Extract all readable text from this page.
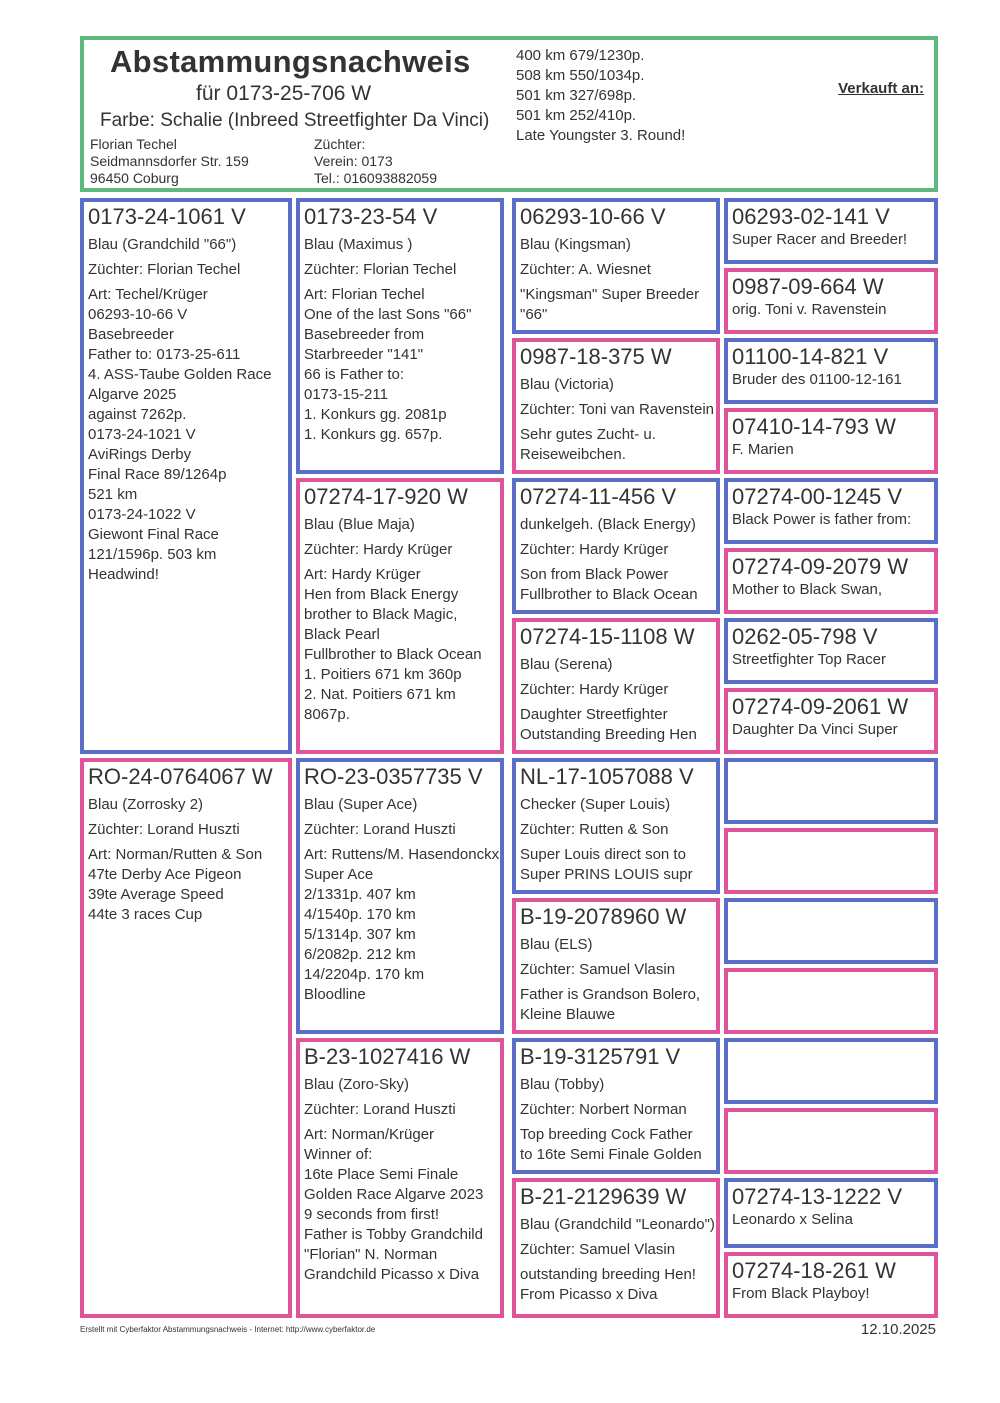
Abstammungsnachweis
für 0173-25-706 W
Farbe: Schalie (Inbreed Streetfighter Da Vinci)
Florian Techel
Seidmannsdorfer Str. 159
96450 Coburg
Züchter:
Verein: 0173
Tel.: 016093882059
400 km 679/1230p.
508 km 550/1034p.
501 km 327/698p.
501 km 252/410p.
Late Youngster 3. Round!
Verkauft an:
0173-24-1061 V
Blau (Grandchild "66")
Züchter: Florian Techel
Art: Techel/Krüger
06293-10-66 V
Basebreeder
Father to: 0173-25-611
4. ASS-Taube Golden Race
Algarve 2025
against 7262p.
0173-24-1021 V
AviRings Derby
Final Race 89/1264p
521 km
0173-24-1022 V
Giewont Final Race
121/1596p. 503 km
Headwind!
0173-23-54 V
Blau (Maximus )
Züchter: Florian Techel
Art: Florian Techel
One of the last Sons "66"
Basebreeder from
Starbreeder "141"
66 is Father to:
0173-15-211
1. Konkurs gg. 2081p
1. Konkurs gg. 657p.
06293-10-66 V
Blau (Kingsman)
Züchter: A. Wiesnet
"Kingsman" Super Breeder
"66"
06293-02-141 V
Super Racer and Breeder!
0987-09-664 W
orig. Toni v. Ravenstein
0987-18-375 W
Blau (Victoria)
Züchter: Toni van Ravenstein
Sehr gutes Zucht- u.
Reiseweibchen.
01100-14-821 V
Bruder des 01100-12-161
07410-14-793 W
F. Marien
07274-17-920 W
Blau (Blue Maja)
Züchter: Hardy Krüger
Art: Hardy Krüger
Hen from Black Energy
brother to Black Magic,
Black Pearl
Fullbrother to Black Ocean
1. Poitiers 671 km 360p
2. Nat. Poitiers 671 km
8067p.
07274-11-456 V
dunkelgeh. (Black Energy)
Züchter: Hardy Krüger
Son from Black Power
Fullbrother to Black Ocean
07274-00-1245 V
Black Power is father from:
07274-09-2079 W
Mother to Black Swan,
07274-15-1108 W
Blau (Serena)
Züchter: Hardy Krüger
Daughter Streetfighter
Outstanding Breeding Hen
0262-05-798 V
Streetfighter Top Racer
07274-09-2061 W
Daughter Da Vinci Super
RO-24-0764067 W
Blau (Zorrosky 2)
Züchter: Lorand Huszti
Art: Norman/Rutten & Son
47te Derby Ace Pigeon
39te Average Speed
44te 3 races Cup
RO-23-0357735 V
Blau (Super Ace)
Züchter: Lorand Huszti
Art: Ruttens/M. Hasendonckx
Super Ace
2/1331p. 407 km
4/1540p. 170 km
5/1314p. 307 km
6/2082p. 212 km
14/2204p. 170 km
Bloodline
NL-17-1057088 V
Checker (Super Louis)
Züchter: Rutten & Son
Super Louis direct son to
Super PRINS LOUIS supr
B-19-2078960 W
Blau (ELS)
Züchter: Samuel Vlasin
Father is Grandson Bolero,
Kleine Blauwe
B-23-1027416 W
Blau (Zoro-Sky)
Züchter: Lorand Huszti
Art: Norman/Krüger
Winner of:
16te Place Semi Finale
Golden Race Algarve 2023
9 seconds from first!
Father is Tobby Grandchild
"Florian" N. Norman
Grandchild Picasso x Diva
B-19-3125791 V
Blau (Tobby)
Züchter: Norbert Norman
Top breeding Cock Father
to 16te Semi Finale Golden
B-21-2129639 W
Blau (Grandchild "Leonardo")
Züchter: Samuel Vlasin
outstanding breeding Hen!
From Picasso x Diva
07274-13-1222 V
Leonardo x Selina
07274-18-261 W
From Black Playboy!
Erstellt mit Cyberfaktor Abstammungsnachweis - Internet: http://www.cyberfaktor.de	12.10.2025
